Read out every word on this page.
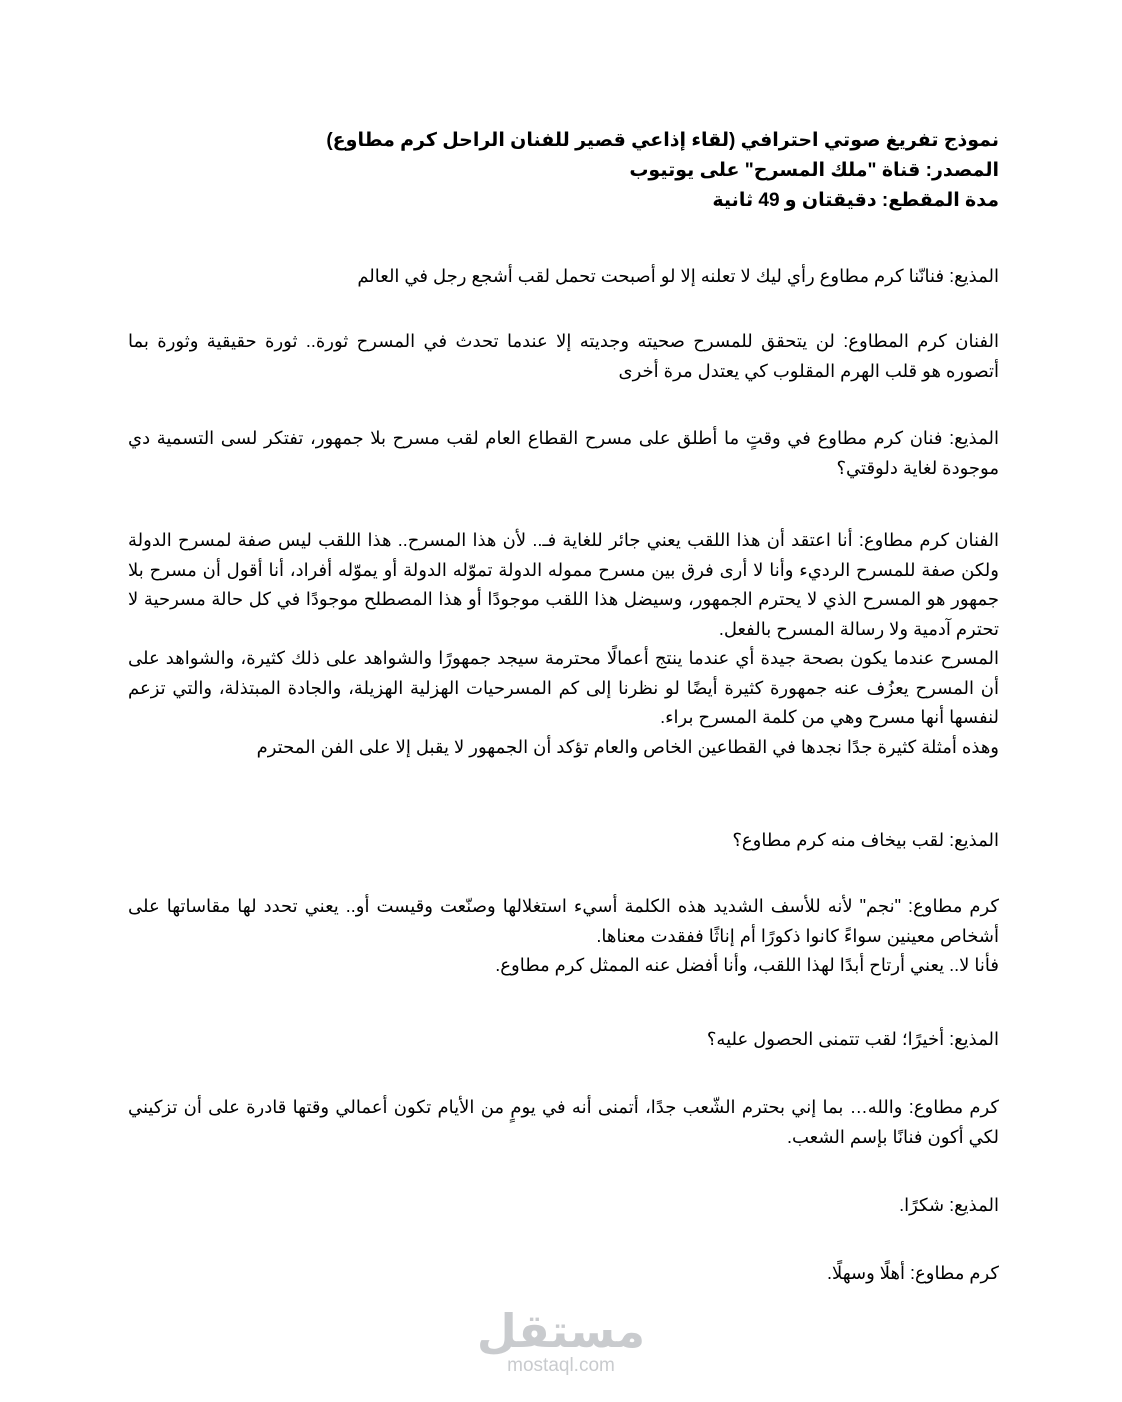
نموذج تفريغ صوتي احترافي (لقاء إذاعي قصير للفنان الراحل كرم مطاوع)
المصدر: قناة "ملك المسرح" على يوتيوب
مدة المقطع: دقيقتان و 49 ثانية

المذيع: فنانّنا كرم مطاوع رأي ليك لا تعلنه إلا لو أصبحت تحمل لقب أشجع رجل في العالم

الفنان كرم المطاوع: لن يتحقق للمسرح صحيته وجديته إلا عندما تحدث في المسرح ثورة.. ثورة حقيقية وثورة بما أتصوره هو قلب الهرم المقلوب كي يعتدل مرة أخرى

المذيع: فنان كرم مطاوع في وقتٍ ما أطلق على مسرح القطاع العام لقب مسرح بلا جمهور، تفتكر لسى التسمية دي موجودة لغاية دلوقتي؟

الفنان كرم مطاوع: أنا اعتقد أن هذا اللقب يعني جائر للغاية فـ.. لأن هذا المسرح.. هذا اللقب ليس صفة لمسرح الدولة ولكن صفة للمسرح الرديء وأنا لا أرى فرق بين مسرح مموله الدولة تموّله الدولة أو يموّله أفراد، أنا أقول أن مسرح بلا جمهور هو المسرح الذي لا يحترم الجمهور، وسيضل هذا اللقب موجودًا أو هذا المصطلح موجودًا في كل حالة مسرحية لا تحترم آدمية ولا رسالة المسرح بالفعل.

المسرح عندما يكون بصحة جيدة أي عندما ينتج أعمالًا محترمة سيجد جمهورًا والشواهد على ذلك كثيرة، والشواهد على أن المسرح يعزُف عنه جمهورة كثيرة أيضًا لو نظرنا إلى كم المسرحيات الهزلية الهزيلة، والجادة المبتذلة، والتي تزعم لنفسها أنها مسرح وهي من كلمة المسرح براء.

وهذه أمثلة كثيرة جدًا نجدها في القطاعين الخاص والعام تؤكد أن الجمهور لا يقبل إلا على الفن المحترم

المذيع: لقب بيخاف منه كرم مطاوع؟

كرم مطاوع: "نجم" لأنه للأسف الشديد هذه الكلمة أسيء استغلالها وصنّعت وقيست أو.. يعني تحدد لها مقاساتها على أشخاص معينين سواءً كانوا ذكورًا أم إناثًا ففقدت معناها.

فأنا لا.. يعني أرتاح أبدًا لهذا اللقب، وأنا أفضل عنه الممثل كرم مطاوع.

المذيع: أخيرًا؛ لقب تتمنى الحصول عليه؟

كرم مطاوع: والله… بما إني بحترم الشّعب جدًا، أتمنى أنه في يومٍ من الأيام تكون أعمالي وقتها قادرة على أن تزكيني لكي أكون فنانًا بإسم الشعب.

المذيع: شكرًا.

كرم مطاوع: أهلًا وسهلًا.

مستقل
mostaql.com
